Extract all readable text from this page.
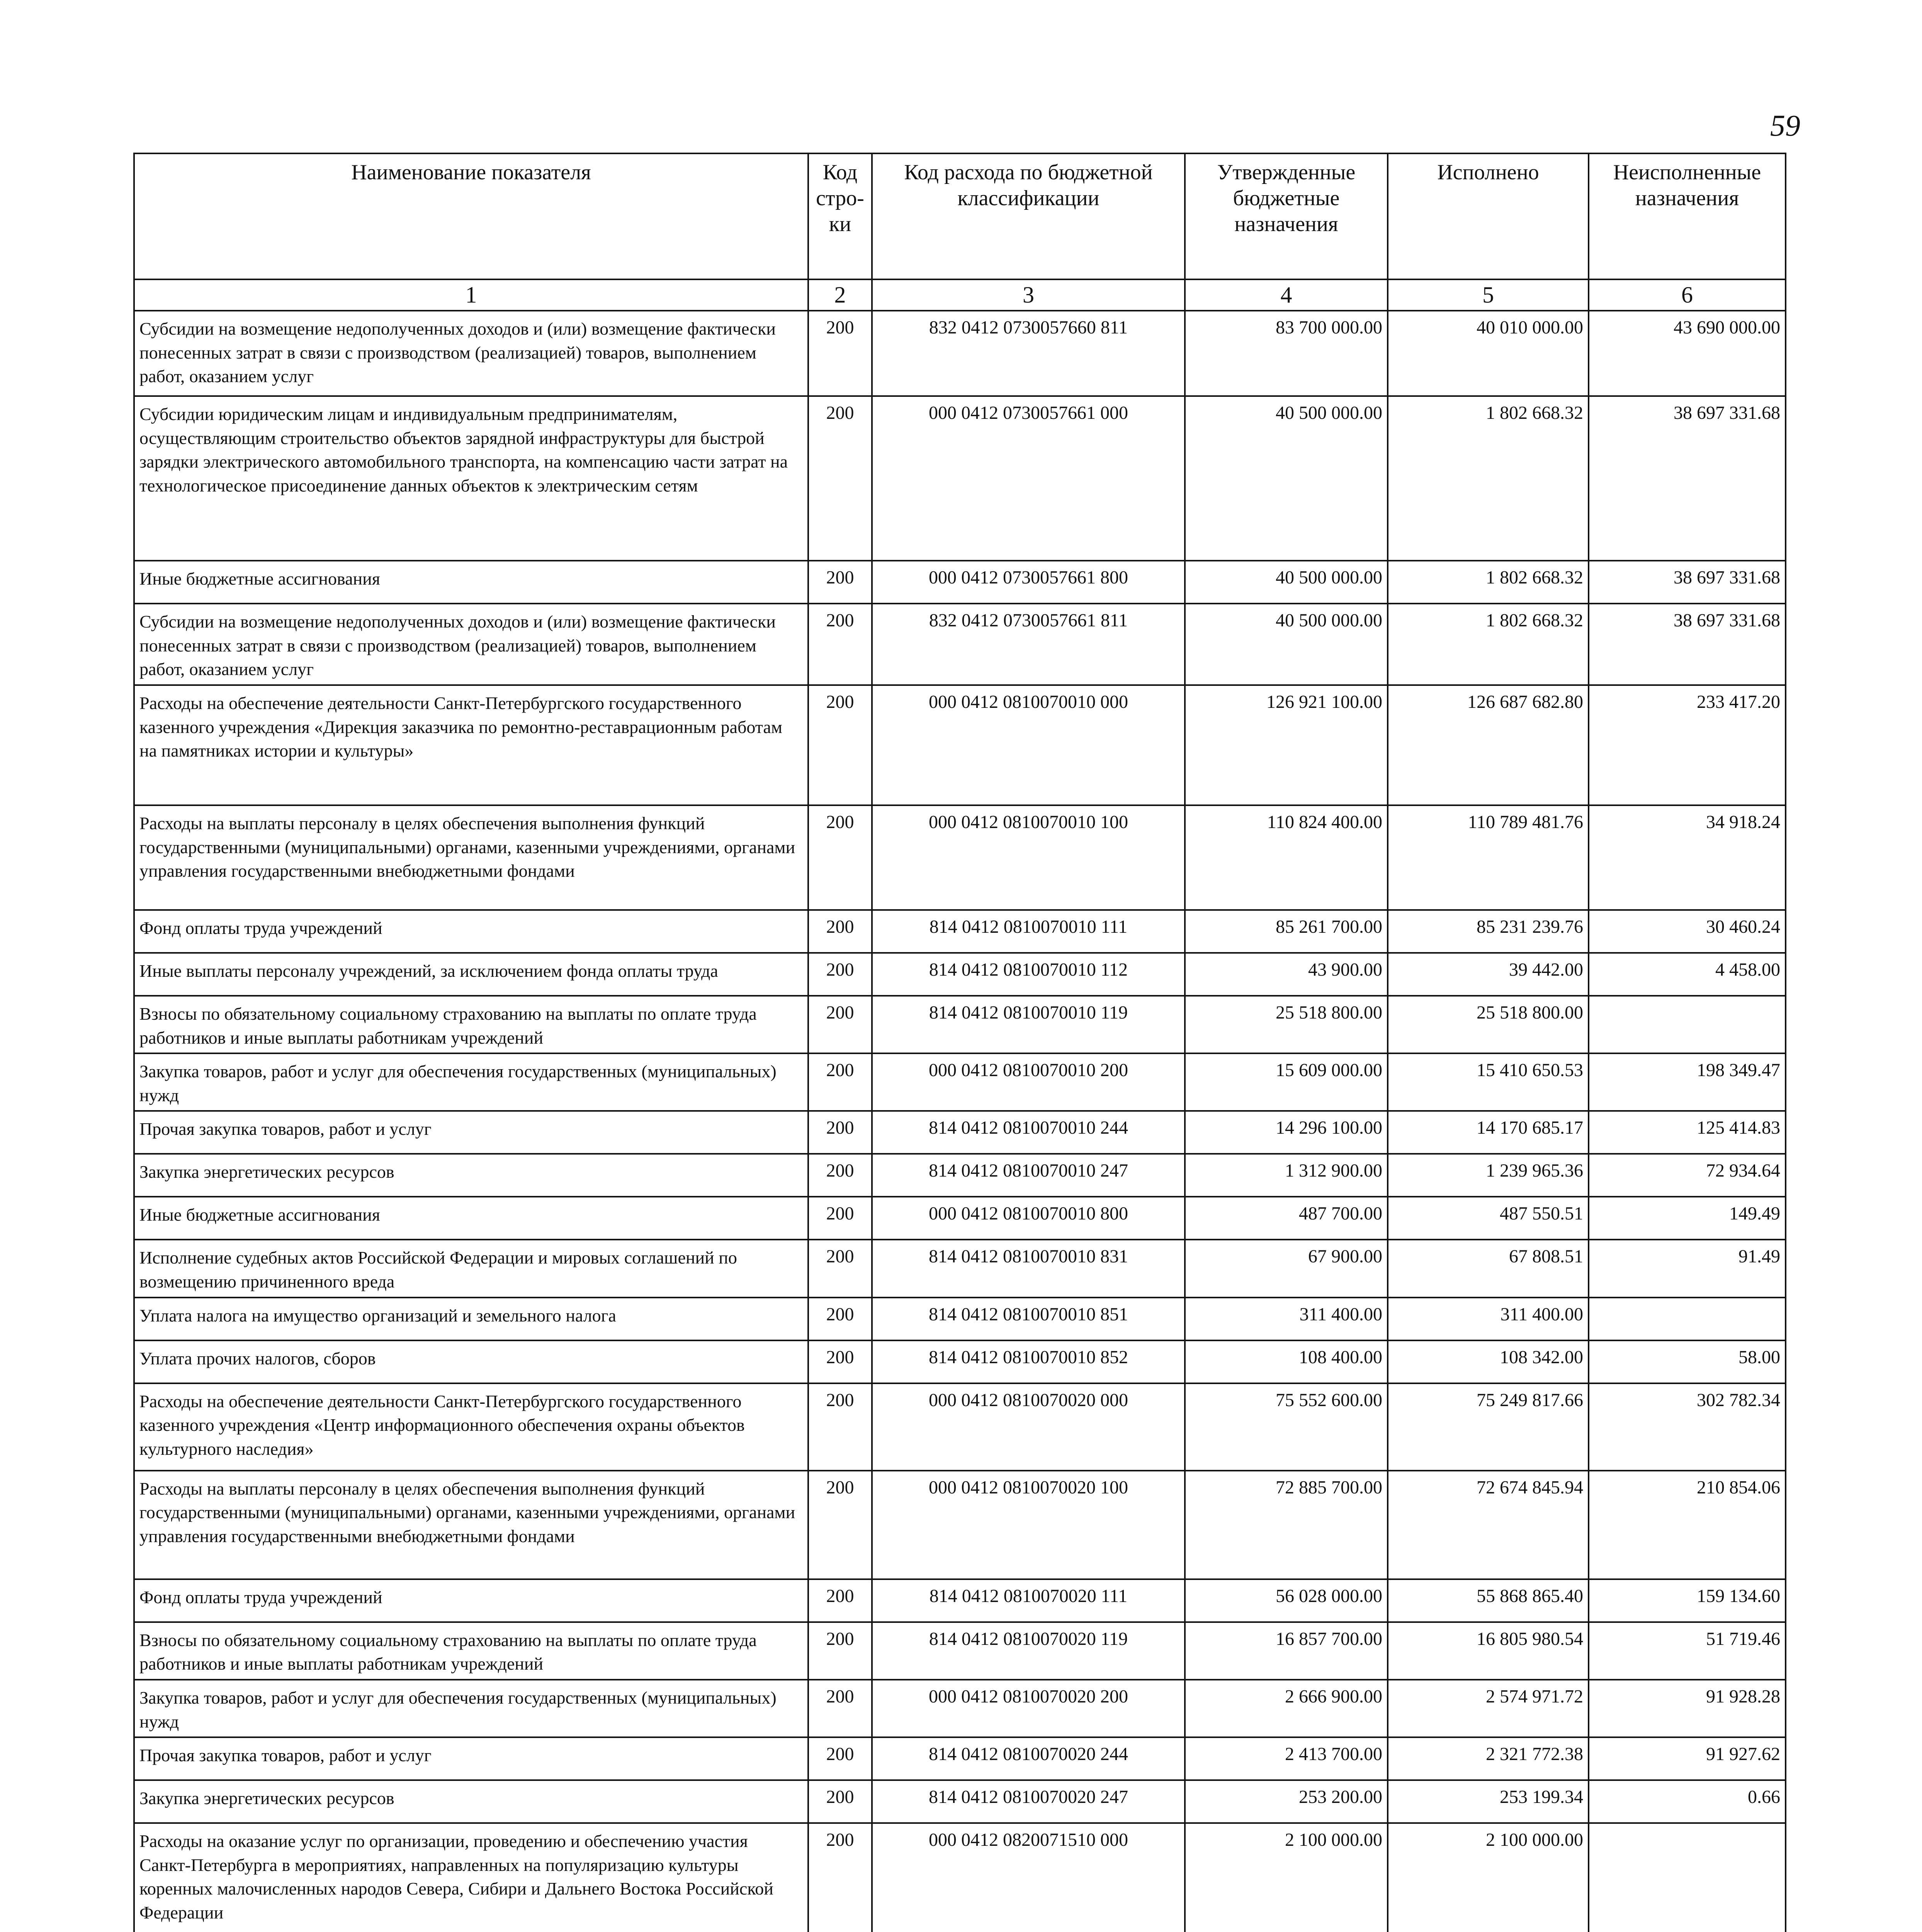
59
Наименование показателя	Код стро-ки	Код расхода по бюджетной классификации	Утвержденные бюджетные назначения	Исполнено	Неисполненные назначения
1	2	3	4	5	6
Субсидии на возмещение недополученных доходов и (или) возмещение фактически понесенных затрат в связи с производством (реализацией) товаров, выполнением работ, оказанием услуг	200	832 0412 0730057660 811	83 700 000.00	40 010 000.00	43 690 000.00
Субсидии юридическим лицам и индивидуальным предпринимателям, осуществляющим строительство объектов зарядной инфраструктуры для быстрой зарядки электрического автомобильного транспорта, на компенсацию части затрат на технологическое присоединение данных объектов к электрическим сетям	200	000 0412 0730057661 000	40 500 000.00	1 802 668.32	38 697 331.68
Иные бюджетные ассигнования	200	000 0412 0730057661 800	40 500 000.00	1 802 668.32	38 697 331.68
Субсидии на возмещение недополученных доходов и (или) возмещение фактически понесенных затрат в связи с производством (реализацией) товаров, выполнением работ, оказанием услуг	200	832 0412 0730057661 811	40 500 000.00	1 802 668.32	38 697 331.68
Расходы на обеспечение деятельности Санкт-Петербургского государственного казенного учреждения «Дирекция заказчика по ремонтно-реставрационным работам на памятниках истории и культуры»	200	000 0412 0810070010 000	126 921 100.00	126 687 682.80	233 417.20
Расходы на выплаты персоналу в целях обеспечения выполнения функций государственными (муниципальными) органами, казенными учреждениями, органами управления государственными внебюджетными фондами	200	000 0412 0810070010 100	110 824 400.00	110 789 481.76	34 918.24
Фонд оплаты труда учреждений	200	814 0412 0810070010 111	85 261 700.00	85 231 239.76	30 460.24
Иные выплаты персоналу учреждений, за исключением фонда оплаты труда	200	814 0412 0810070010 112	43 900.00	39 442.00	4 458.00
Взносы по обязательному социальному страхованию на выплаты по оплате труда работников и иные выплаты работникам учреждений	200	814 0412 0810070010 119	25 518 800.00	25 518 800.00	
Закупка товаров, работ и услуг для обеспечения государственных (муниципальных) нужд	200	000 0412 0810070010 200	15 609 000.00	15 410 650.53	198 349.47
Прочая закупка товаров, работ и услуг	200	814 0412 0810070010 244	14 296 100.00	14 170 685.17	125 414.83
Закупка энергетических ресурсов	200	814 0412 0810070010 247	1 312 900.00	1 239 965.36	72 934.64
Иные бюджетные ассигнования	200	000 0412 0810070010 800	487 700.00	487 550.51	149.49
Исполнение судебных актов Российской Федерации и мировых соглашений по возмещению причиненного вреда	200	814 0412 0810070010 831	67 900.00	67 808.51	91.49
Уплата налога на имущество организаций и земельного налога	200	814 0412 0810070010 851	311 400.00	311 400.00	
Уплата прочих налогов, сборов	200	814 0412 0810070010 852	108 400.00	108 342.00	58.00
Расходы на обеспечение деятельности Санкт-Петербургского государственного казенного учреждения «Центр информационного обеспечения охраны объектов культурного наследия»	200	000 0412 0810070020 000	75 552 600.00	75 249 817.66	302 782.34
Расходы на выплаты персоналу в целях обеспечения выполнения функций государственными (муниципальными) органами, казенными учреждениями, органами управления государственными внебюджетными фондами	200	000 0412 0810070020 100	72 885 700.00	72 674 845.94	210 854.06
Фонд оплаты труда учреждений	200	814 0412 0810070020 111	56 028 000.00	55 868 865.40	159 134.60
Взносы по обязательному социальному страхованию на выплаты по оплате труда работников и иные выплаты работникам учреждений	200	814 0412 0810070020 119	16 857 700.00	16 805 980.54	51 719.46
Закупка товаров, работ и услуг для обеспечения государственных (муниципальных) нужд	200	000 0412 0810070020 200	2 666 900.00	2 574 971.72	91 928.28
Прочая закупка товаров, работ и услуг	200	814 0412 0810070020 244	2 413 700.00	2 321 772.38	91 927.62
Закупка энергетических ресурсов	200	814 0412 0810070020 247	253 200.00	253 199.34	0.66
Расходы на оказание услуг по организации, проведению и обеспечению участия Санкт-Петербурга в мероприятиях, направленных на популяризацию культуры коренных малочисленных народов Севера, Сибири и Дальнего Востока Российской Федерации	200	000 0412 0820071510 000	2 100 000.00	2 100 000.00	
